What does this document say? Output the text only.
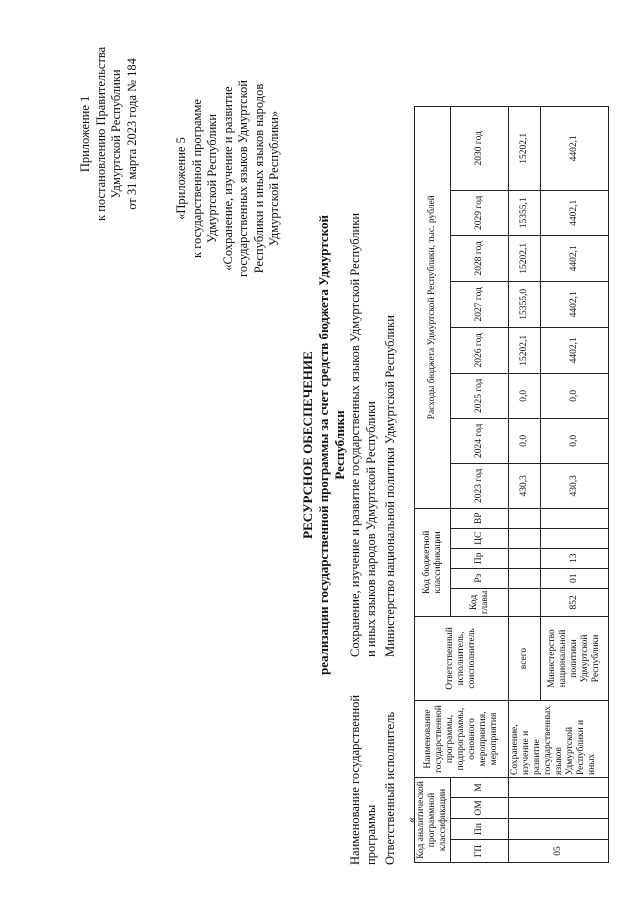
Приложение 1 к постановлению Правительства Удмуртской Республики от 31 марта 2023 года № 184	«Приложение 5 к государственной программе Удмуртской Республики «Сохранение, изучение и развитие государственных языков Удмуртской Республики и иных языков народов Удмуртской Республики»
РЕСУРСНОЕ ОБЕСПЕЧЕНИЕ реализации государственной программы за счет средств бюджета Удмуртской Республики
Наименование государственной программы
Сохранение, изучение и развитие государственных языков Удмуртской Республики и иных языков народов Удмуртской Республики
Ответственный исполнитель
Министерство национальной политики Удмуртской Республики
«
Код аналитической программной классификации				Наименование государственной программы, подпрограммы, основного мероприятия, мероприятия	Ответственный исполнитель, соисполнитель	Код бюджетной классификации					Расходы бюджета Удмуртской Республики, тыс. рублей							
ГП	Пп	ОМ	М			Код главы	Рз	Пр	ЦС	ВР	2023 год	2024 год	2025 год	2026 год	2027 год	2028 год	2029 год	2030 год
05				Сохранение, изучение и развитие государственных языков Удмуртской Республики и иных	всего						430,3	0,0	0,0	15202,1	15355,0	15202,1	15355,1	15202,1
					Министерство национальной политики Удмуртской Республики	852	01	13			430,3	0,0	0,0	4402,1	4402,1	4402,1	4402,1	4402,1
